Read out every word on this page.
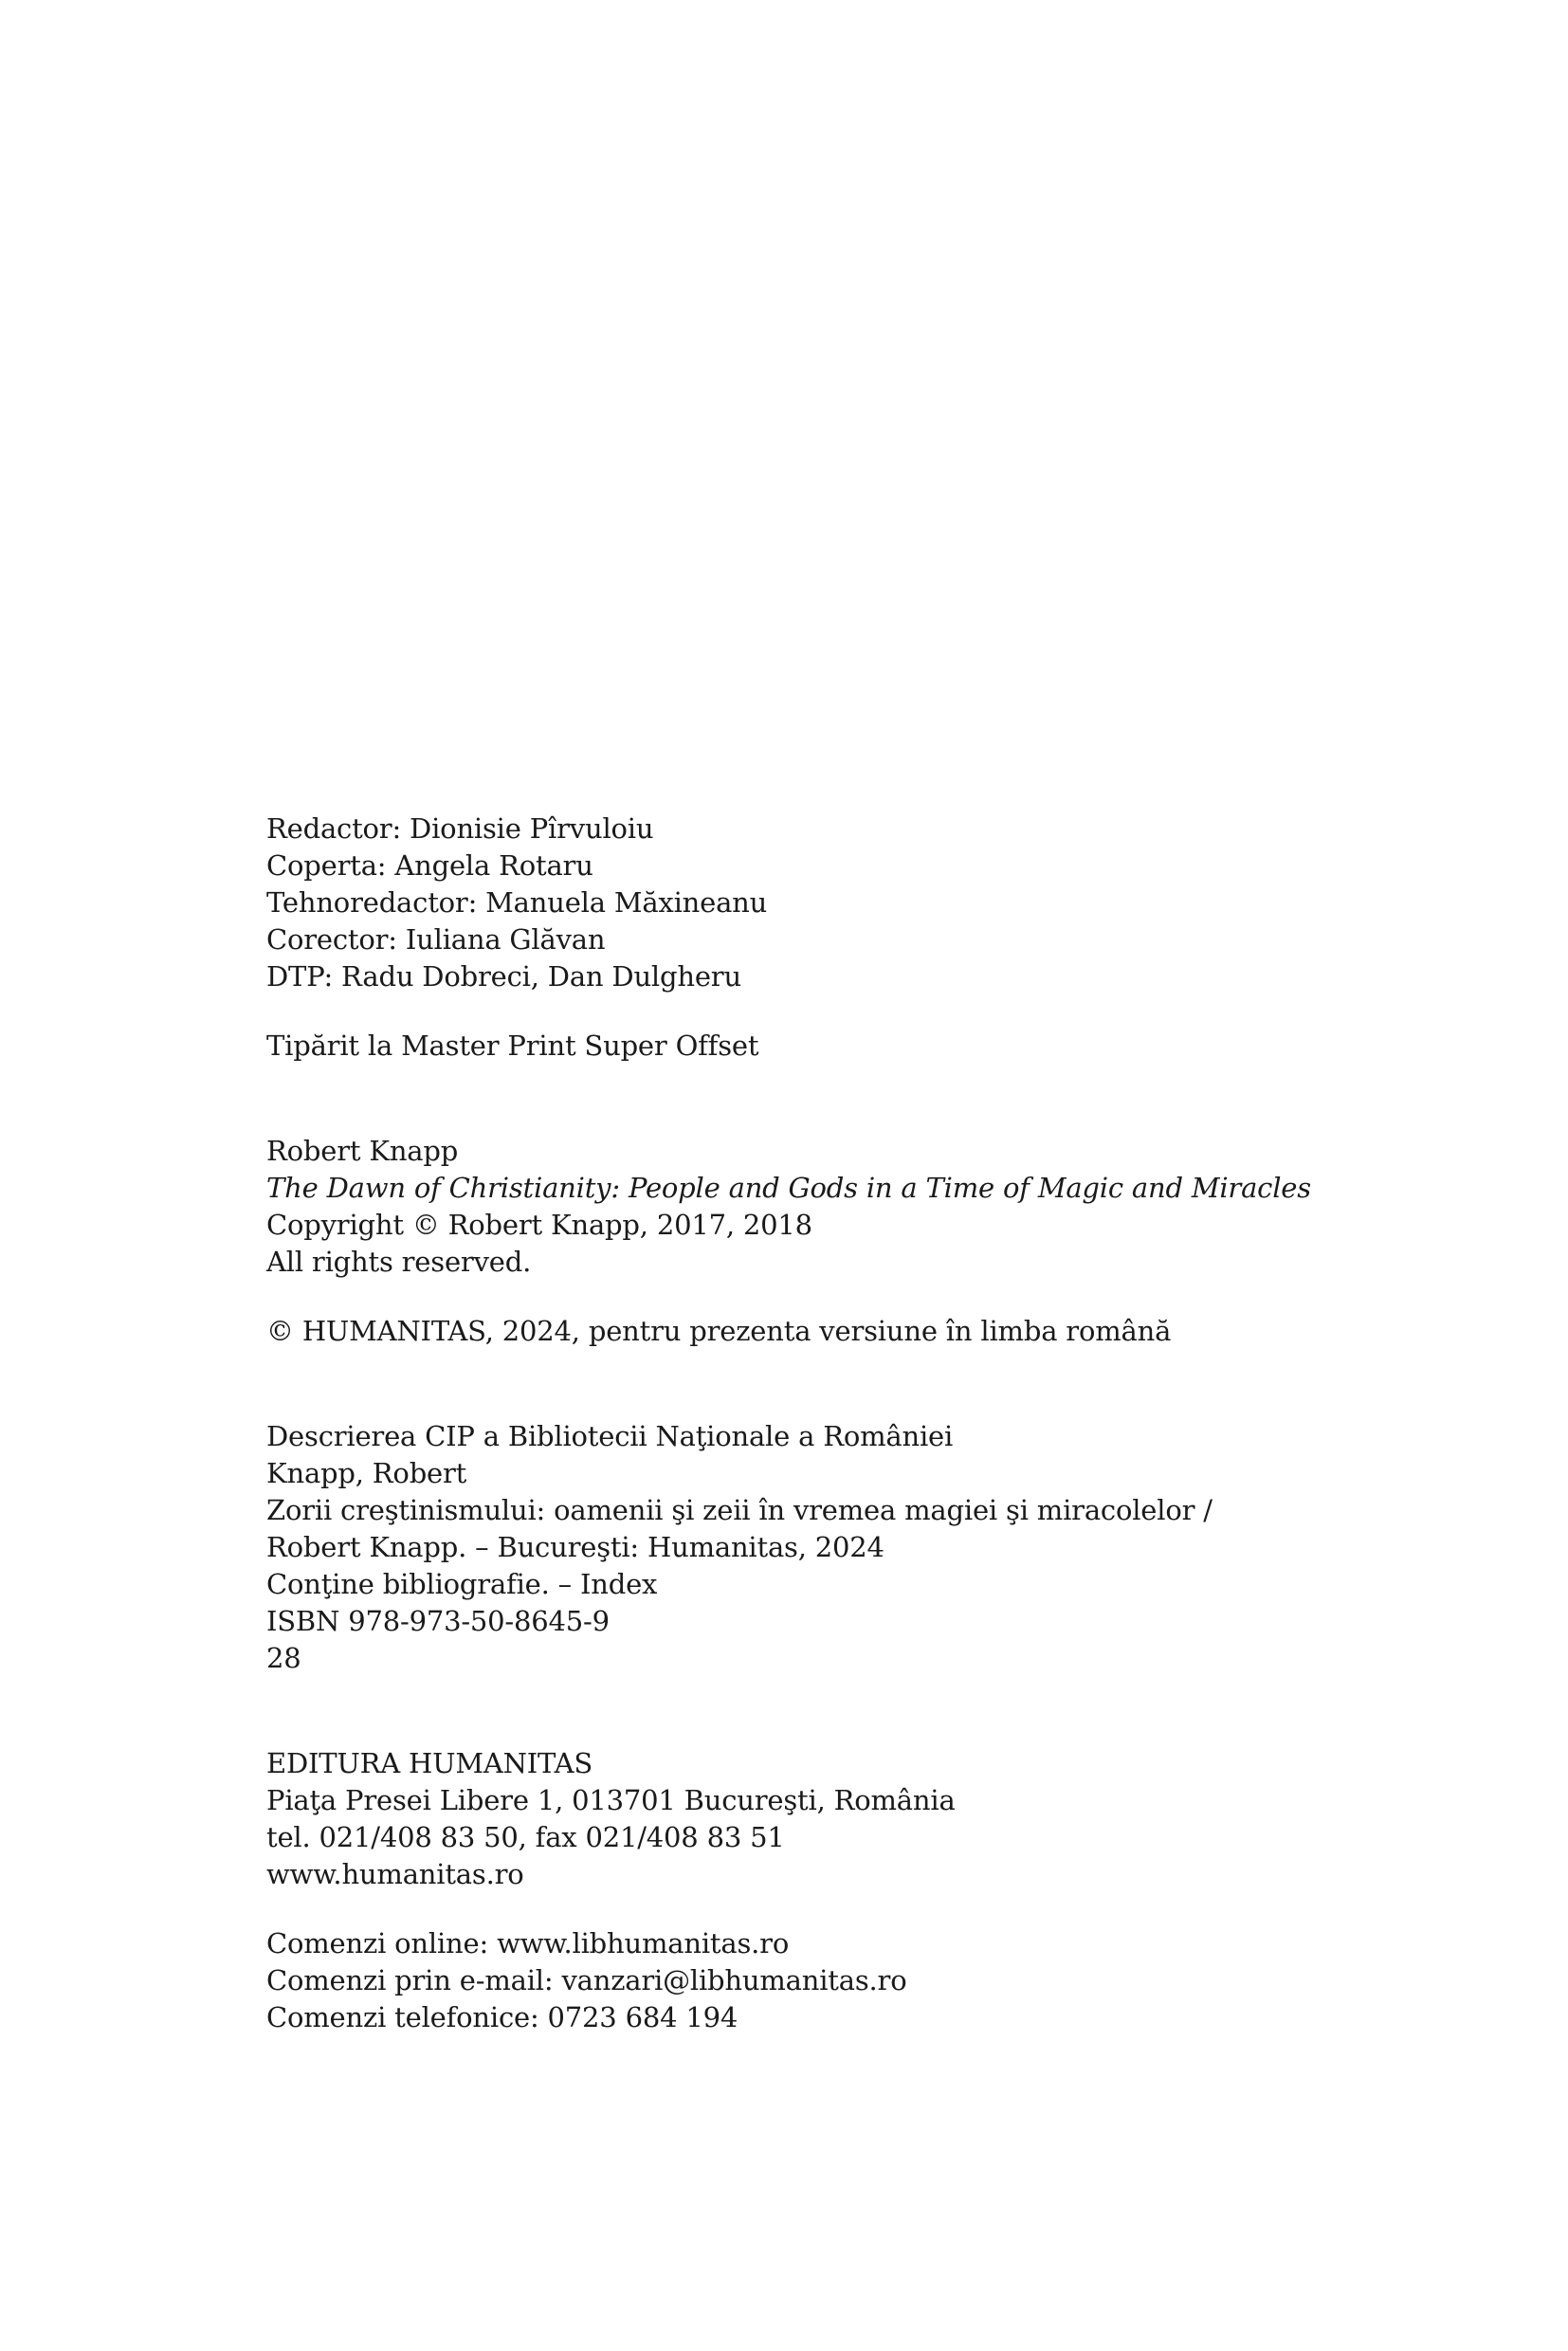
Redactor: Dionisie Pîrvuloiu
Coperta: Angela Rotaru
Tehnoredactor: Manuela Măxineanu
Corector: Iuliana Glăvan
DTP: Radu Dobreci, Dan Dulgheru
Tipărit la Master Print Super Offset
Robert Knapp
The Dawn of Christianity: People and Gods in a Time of Magic and Miracles
Copyright © Robert Knapp, 2017, 2018
All rights reserved.
© HUMANITAS, 2024, pentru prezenta versiune în limba română
Descrierea CIP a Bibliotecii Naţionale a României
Knapp, Robert
Zorii creştinismului: oamenii şi zeii în vremea magiei şi miracolelor /
Robert Knapp. – Bucureşti: Humanitas, 2024
Conţine bibliografie. – Index
ISBN 978-973-50-8645-9
28
EDITURA HUMANITAS
Piaţa Presei Libere 1, 013701 Bucureşti, România
tel. 021/408 83 50, fax 021/408 83 51
www.humanitas.ro
Comenzi online: www.libhumanitas.ro
Comenzi prin e-mail: vanzari@libhumanitas.ro
Comenzi telefonice: 0723 684 194
